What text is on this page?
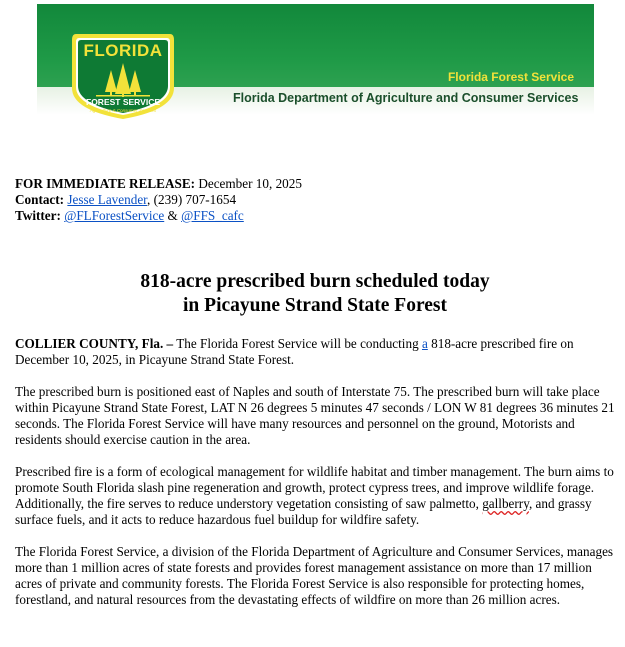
Florida Forest Service
Florida Department of Agriculture and Consumer Services
FLORIDA
FOREST SERVICE
Agriculture & Consumer Services

FOR IMMEDIATE RELEASE: December 10, 2025

Contact: Jesse Lavender, (239) 707-1654

Twitter: @FLForestService & @FFS_cafc

818-acre prescribed burn scheduled today
in Picayune Strand State Forest

COLLIER COUNTY, Fla. – The Florida Forest Service will be conducting a 818-acre prescribed fire on December 10, 2025, in Picayune Strand State Forest.

The prescribed burn is positioned east of Naples and south of Interstate 75. The prescribed burn will take place within Picayune Strand State Forest, LAT N 26 degrees 5 minutes 47 seconds / LON W 81 degrees 36 minutes 21 seconds. The Florida Forest Service will have many resources and personnel on the ground, Motorists and residents should exercise caution in the area.

Prescribed fire is a form of ecological management for wildlife habitat and timber management. The burn aims to promote South Florida slash pine regeneration and growth, protect cypress trees, and improve wildlife forage. Additionally, the fire serves to reduce understory vegetation consisting of saw palmetto, gallberry, and grassy surface fuels, and it acts to reduce hazardous fuel buildup for wildfire safety.

The Florida Forest Service, a division of the Florida Department of Agriculture and Consumer Services, manages more than 1 million acres of state forests and provides forest management assistance on more than 17 million acres of private and community forests. The Florida Forest Service is also responsible for protecting homes, forestland, and natural resources from the devastating effects of wildfire on more than 26 million acres.
